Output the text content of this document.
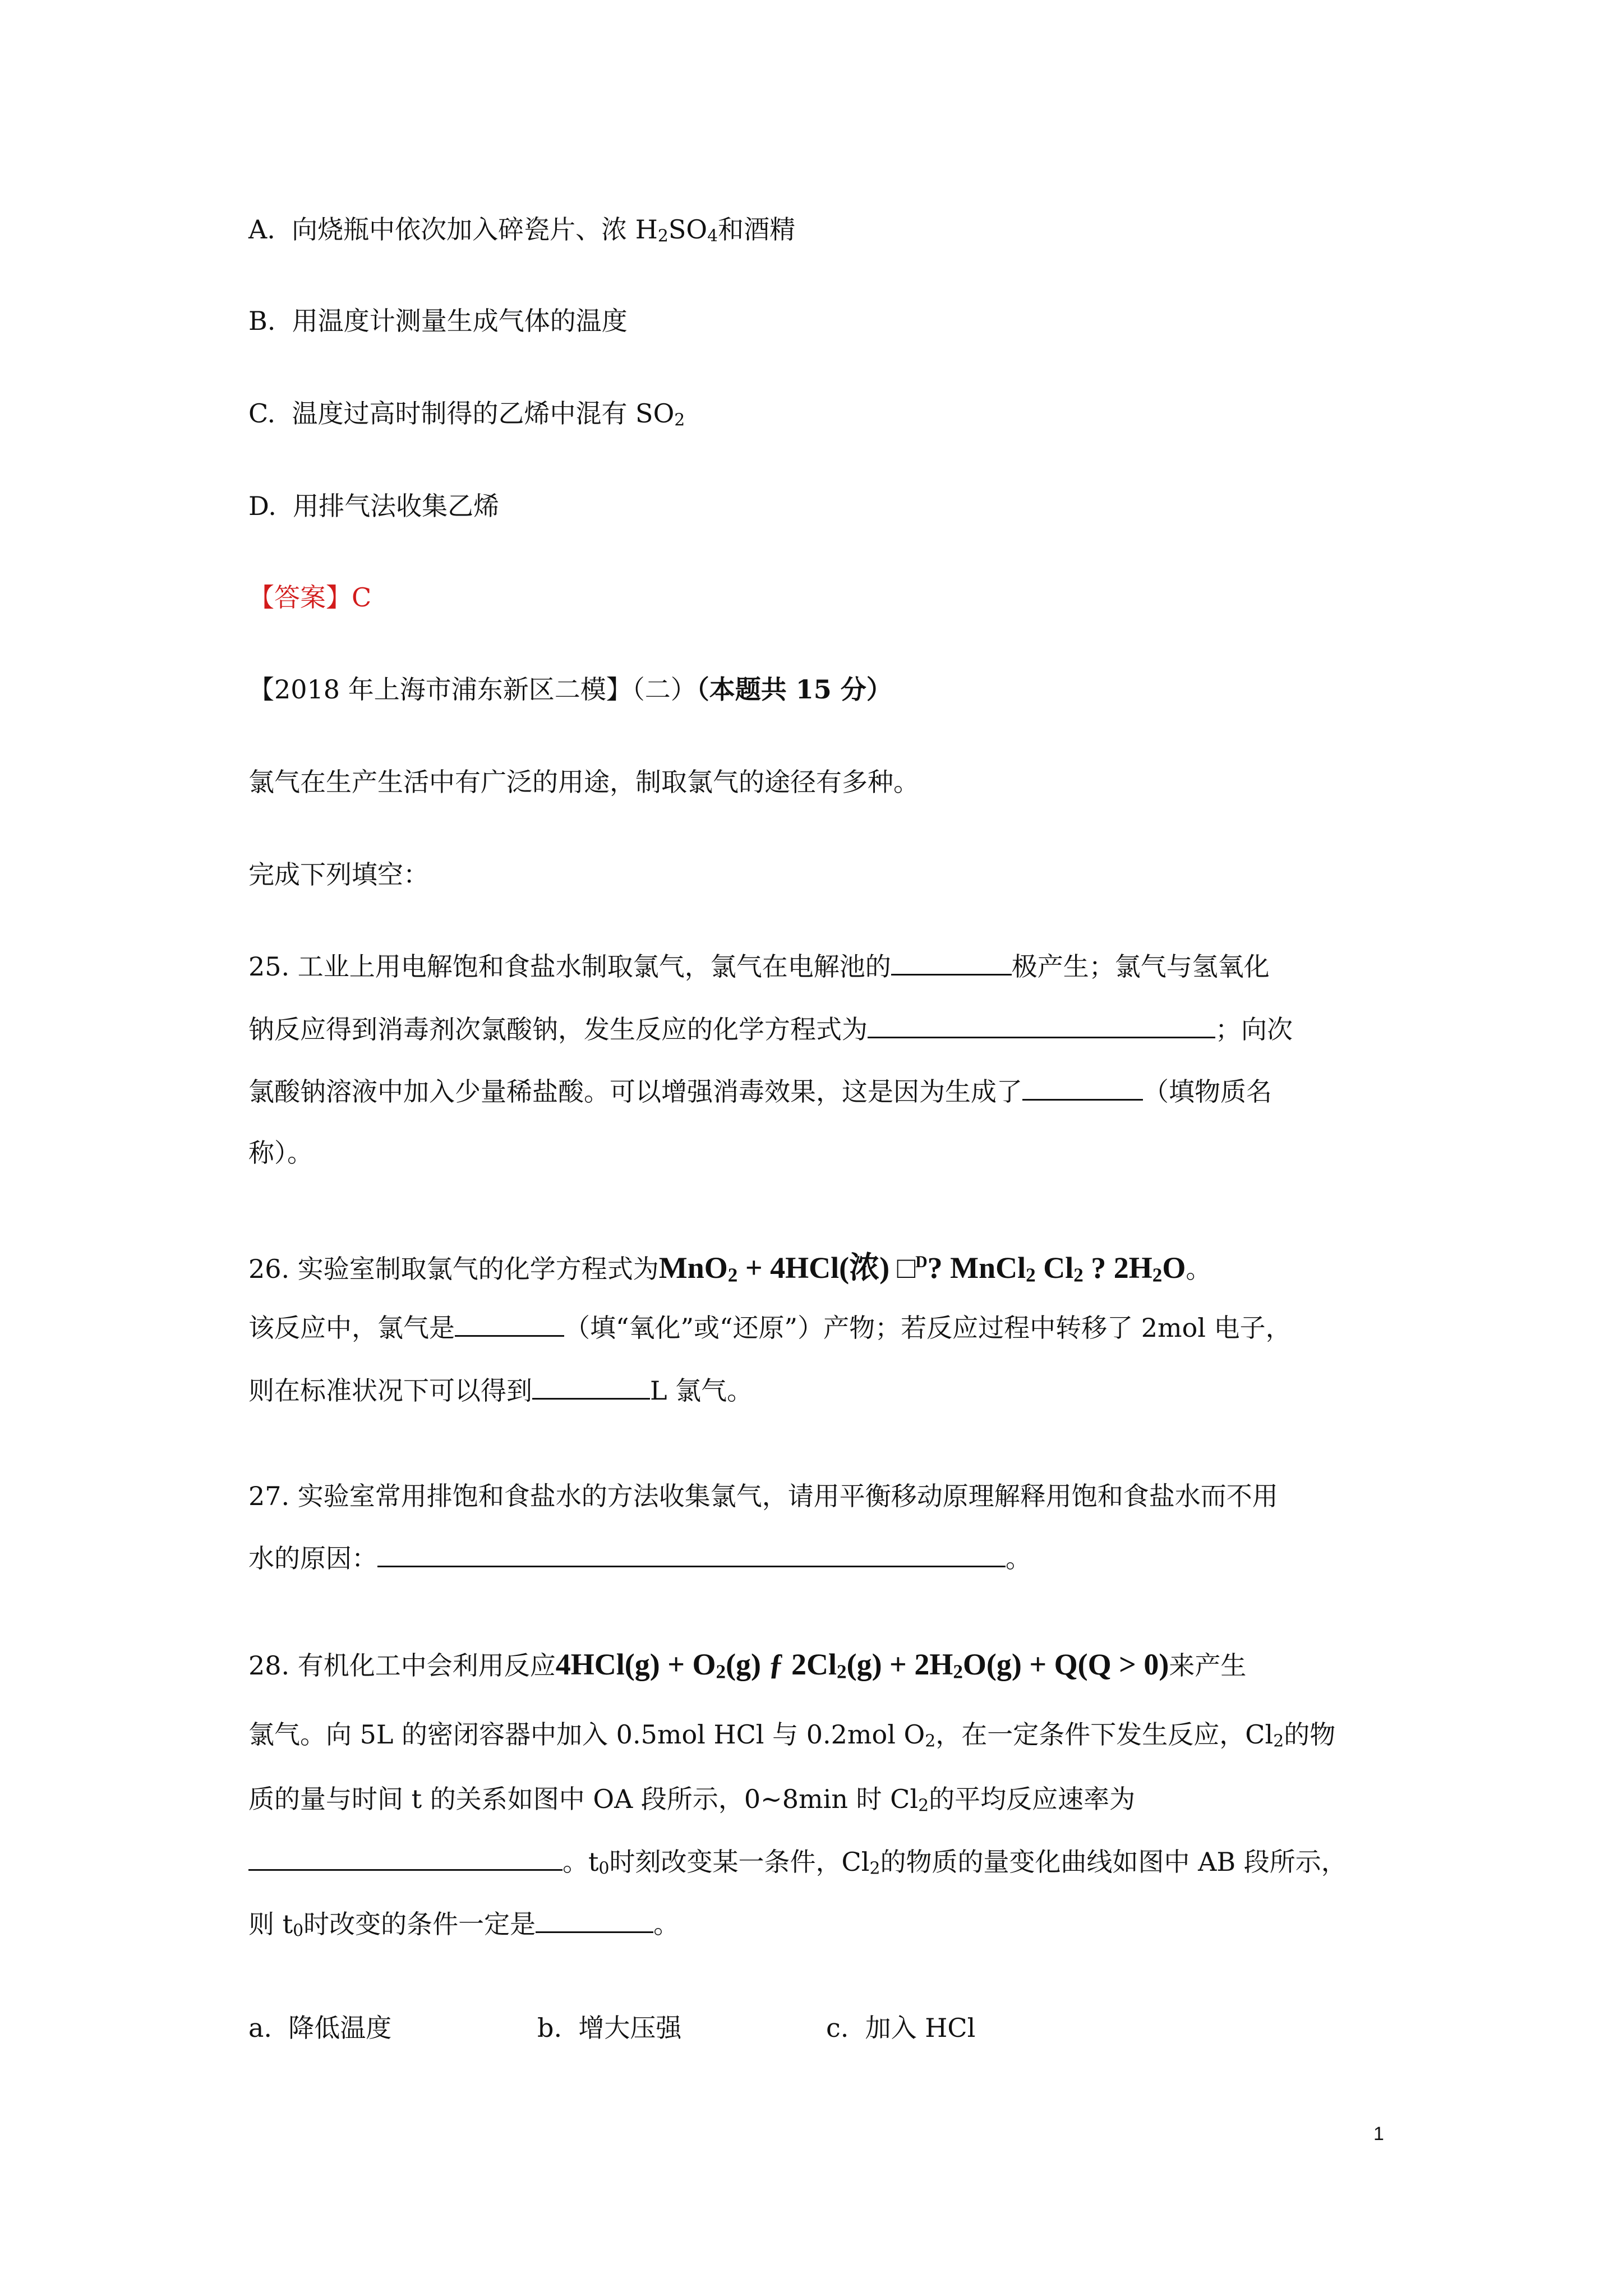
A. 向烧瓶中依次加入碎瓷片、浓 $H_2SO_4$和酒精
B. 用温度计测量生成气体的温度
C. 温度过高时制得的乙烯中混有 $SO_2$
D. 用排气法收集乙烯
【答案】C
【2018 年上海市浦东新区二模】（二）（本题共 15 分）
氯气在生产生活中有广泛的用途，制取氯气的途径有多种。
完成下列填空：
25. 工业上用电解饱和食盐水制取氯气，氯气在电解池的	极产生；氯气与氢氧化
钠反应得到消毒剂次氯酸钠，发生反应的化学方程式为	；向次
氯酸钠溶液中加入少量稀盐酸。可以增强消毒效果，这是因为生成了	（填物质名
称）。
26. 实验室制取氯气的化学方程式为MnO$_2$ + 4HCl(浓) □$^D$? MnCl$_2$ $Cl_2$ ? $2H_2O$。
该反应中，氯气是	（填“氧化”或“还原”）产物；若反应过程中转移了 2mol 电子，
则在标准状况下可以得到	L 氯气。
27. 实验室常用排饱和食盐水的方法收集氯气，请用平衡移动原理解释用饱和食盐水而不用
水的原因：	。
28. 有机化工中会利用反应$4HCl(g) + O_2(g)$ ƒ $2Cl_2(g) + 2H_2O(g) + Q(Q > 0)$来产生
氯气。向 5L 的密闭容器中加入 0.5mol HCl 与 0.2mol $O_2$，在一定条件下发生反应，$Cl_2$的物
质的量与时间 t 的关系如图中 OA 段所示，0~8min 时 $Cl_2$的平均反应速率为
。$t_0$时刻改变某一条件，$Cl_2$的物质的量变化曲线如图中 AB 段所示，
则 $t_0$时改变的条件一定是	。
a. 降低温度	b. 增大压强	c. 加入 HCl
1
